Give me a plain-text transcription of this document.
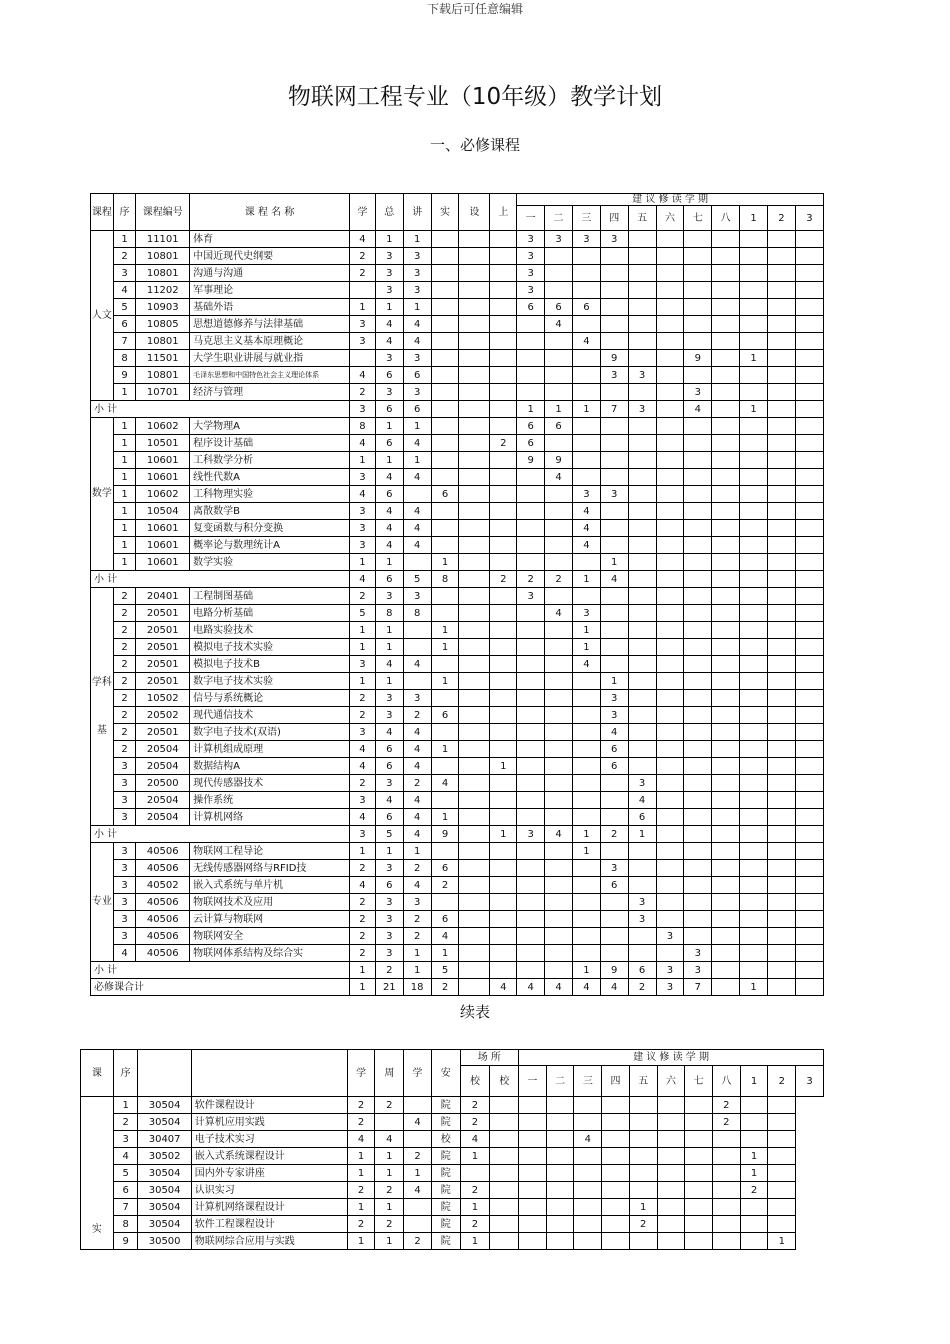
下载后可任意编辑
物联网工程专业（10年级）教学计划
一、必修课程
课程	序	课程编号	课 程 名 称	学	总	讲	实	设	上	建 议 修 读 学 期										
										一	二	三	四	五	六	七	八	1	2	3
人文	1	11101	体育	4	1	1				3	3	3	3							
	2	10801	中国近现代史纲要	2	3	3				3										
	3	10801	沟通与沟通	2	3	3				3										
	4	11202	军事理论		3	3				3										
	5	10903	基础外语	1	1	1				6	6	6								
	6	10805	思想道德修养与法律基础	3	4	4					4									
	7	10801	马克思主义基本原理概论	3	4	4						4								
	8	11501	大学生职业讲展与就业指		3	3							9			9		1		
	9	10801	毛泽东思想和中国特色社会主义理论体系	4	6	6							3	3						
	1	10701	经济与管理	2	3	3										3				
小 计				3	6	6				1	1	1	7	3		4		1		
数学	1	10602	大学物理A	8	1	1				6	6									
	1	10501	程序设计基础	4	6	4			2	6										
	1	10601	工科数学分析	1	1	1				9	9									
	1	10601	线性代数A	3	4	4					4									
	1	10602	工科物理实验	4	6		6					3	3							
	1	10504	离散数学B	3	4	4						4								
	1	10601	复变函数与积分变换	3	4	4						4								
	1	10601	概率论与数理统计A	3	4	4						4								
	1	10601	数学实验	1	1		1						1							
小 计				4	6	5	8		2	2	2	1	4							
学科基	2	20401	工程制图基础	2	3	3				3										
	2	20501	电路分析基础	5	8	8					4	3								
	2	20501	电路实验技术	1	1		1					1								
	2	20501	模拟电子技术实验	1	1		1					1								
	2	20501	模拟电子技术B	3	4	4						4								
	2	20501	数字电子技术实验	1	1		1						1							
	2	10502	信号与系统概论	2	3	3							3							
	2	20502	现代通信技术	2	3	2	6						3							
	2	20501	数字电子技术(双语)	3	4	4							4							
	2	20504	计算机组成原理	4	6	4	1						6							
	3	20504	数据结构A	4	6	4			1				6							
	3	20500	现代传感器技术	2	3	2	4							3						
	3	20504	操作系统	3	4	4								4						
	3	20504	计算机网络	4	6	4	1							6						
小 计				3	5	4	9		1	3	4	1	2	1						
专业	3	40506	物联网工程导论	1	1	1						1								
	3	40506	无线传感器网络与RFID技	2	3	2	6						3							
	3	40502	嵌入式系统与单片机	4	6	4	2						6							
	3	40506	物联网技术及应用	2	3	3								3						
	3	40506	云计算与物联网	2	3	2	6							3						
	3	40506	物联网安全	2	3	2	4								3					
	4	40506	物联网体系结构及综合实	2	3	1	1									3				
小 计				1	2	1	5					1	9	6	3	3				
必修课合计				1	21	18	2		4	4	4	4	4	2	3	7		1		
续表
课	序			学	周	学	安	场 所		建 议 修 读 学 期										
								校	校	一	二	三	四	五	六	七	八	1	2	3
实	1	30504	软件课程设计	2	2		院	2									2			
	2	30504	计算机应用实践	2		4	院	2									2			
	3	30407	电子技术实习	4	4		校	4				4								
	4	30502	嵌入式系统课程设计	1	1	2	院	1										1		
	5	30504	国内外专家讲座	1	1	1	院											1		
	6	30504	认识实习	2	2	4	院	2										2		
	7	30504	计算机网络课程设计	1	1		院	1						1						
	8	30504	软件工程课程设计	2	2		院	2						2						
	9	30500	物联网综合应用与实践	1	1	2	院	1											1	
